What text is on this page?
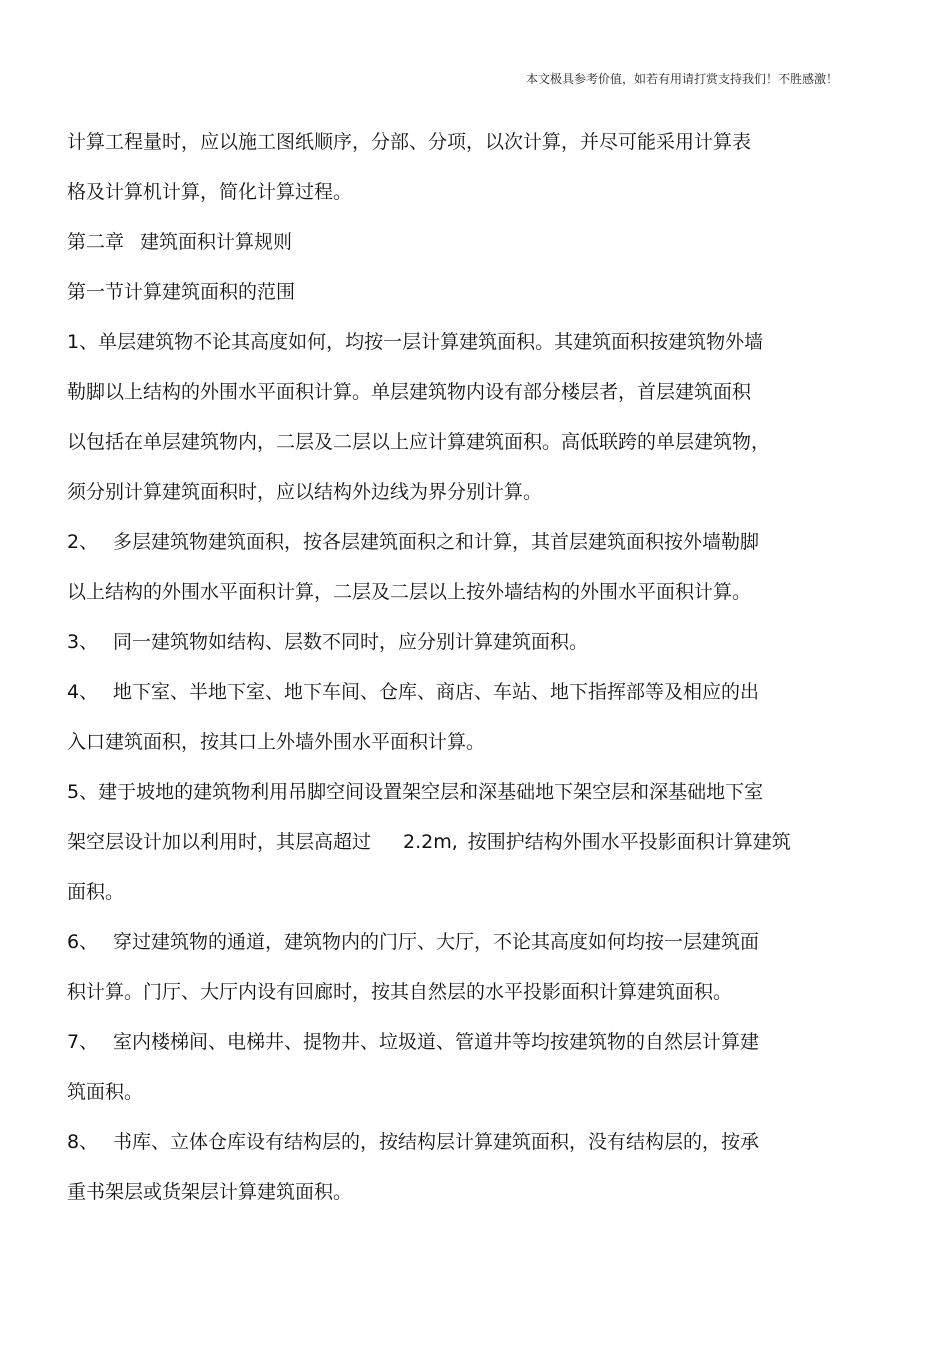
本文极具参考价值，如若有用请打赏支持我们！不胜感激！
计算工程量时，应以施工图纸顺序，分部、分项，以次计算，并尽可能采用计算表
格及计算机计算，简化计算过程。
第二章 建筑面积计算规则
第一节计算建筑面积的范围
1、单层建筑物不论其高度如何，均按一层计算建筑面积。其建筑面积按建筑物外墙
勒脚以上结构的外围水平面积计算。单层建筑物内设有部分楼层者，首层建筑面积
以包括在单层建筑物内，二层及二层以上应计算建筑面积。高低联跨的单层建筑物，
须分别计算建筑面积时，应以结构外边线为界分别计算。
2、 多层建筑物建筑面积，按各层建筑面积之和计算，其首层建筑面积按外墙勒脚
以上结构的外围水平面积计算，二层及二层以上按外墙结构的外围水平面积计算。
3、 同一建筑物如结构、层数不同时，应分别计算建筑面积。
4、 地下室、半地下室、地下车间、仓库、商店、车站、地下指挥部等及相应的出
入口建筑面积，按其口上外墙外围水平面积计算。
5、建于坡地的建筑物利用吊脚空间设置架空层和深基础地下架空层和深基础地下室
架空层设计加以利用时，其层高超过 2.2m, 按围护结构外围水平投影面积计算建筑
面积。
6、 穿过建筑物的通道，建筑物内的门厅、大厅，不论其高度如何均按一层建筑面
积计算。门厅、大厅内设有回廊时，按其自然层的水平投影面积计算建筑面积。
7、 室内楼梯间、电梯井、提物井、垃圾道、管道井等均按建筑物的自然层计算建
筑面积。
8、 书库、立体仓库设有结构层的，按结构层计算建筑面积，没有结构层的，按承
重书架层或货架层计算建筑面积。
